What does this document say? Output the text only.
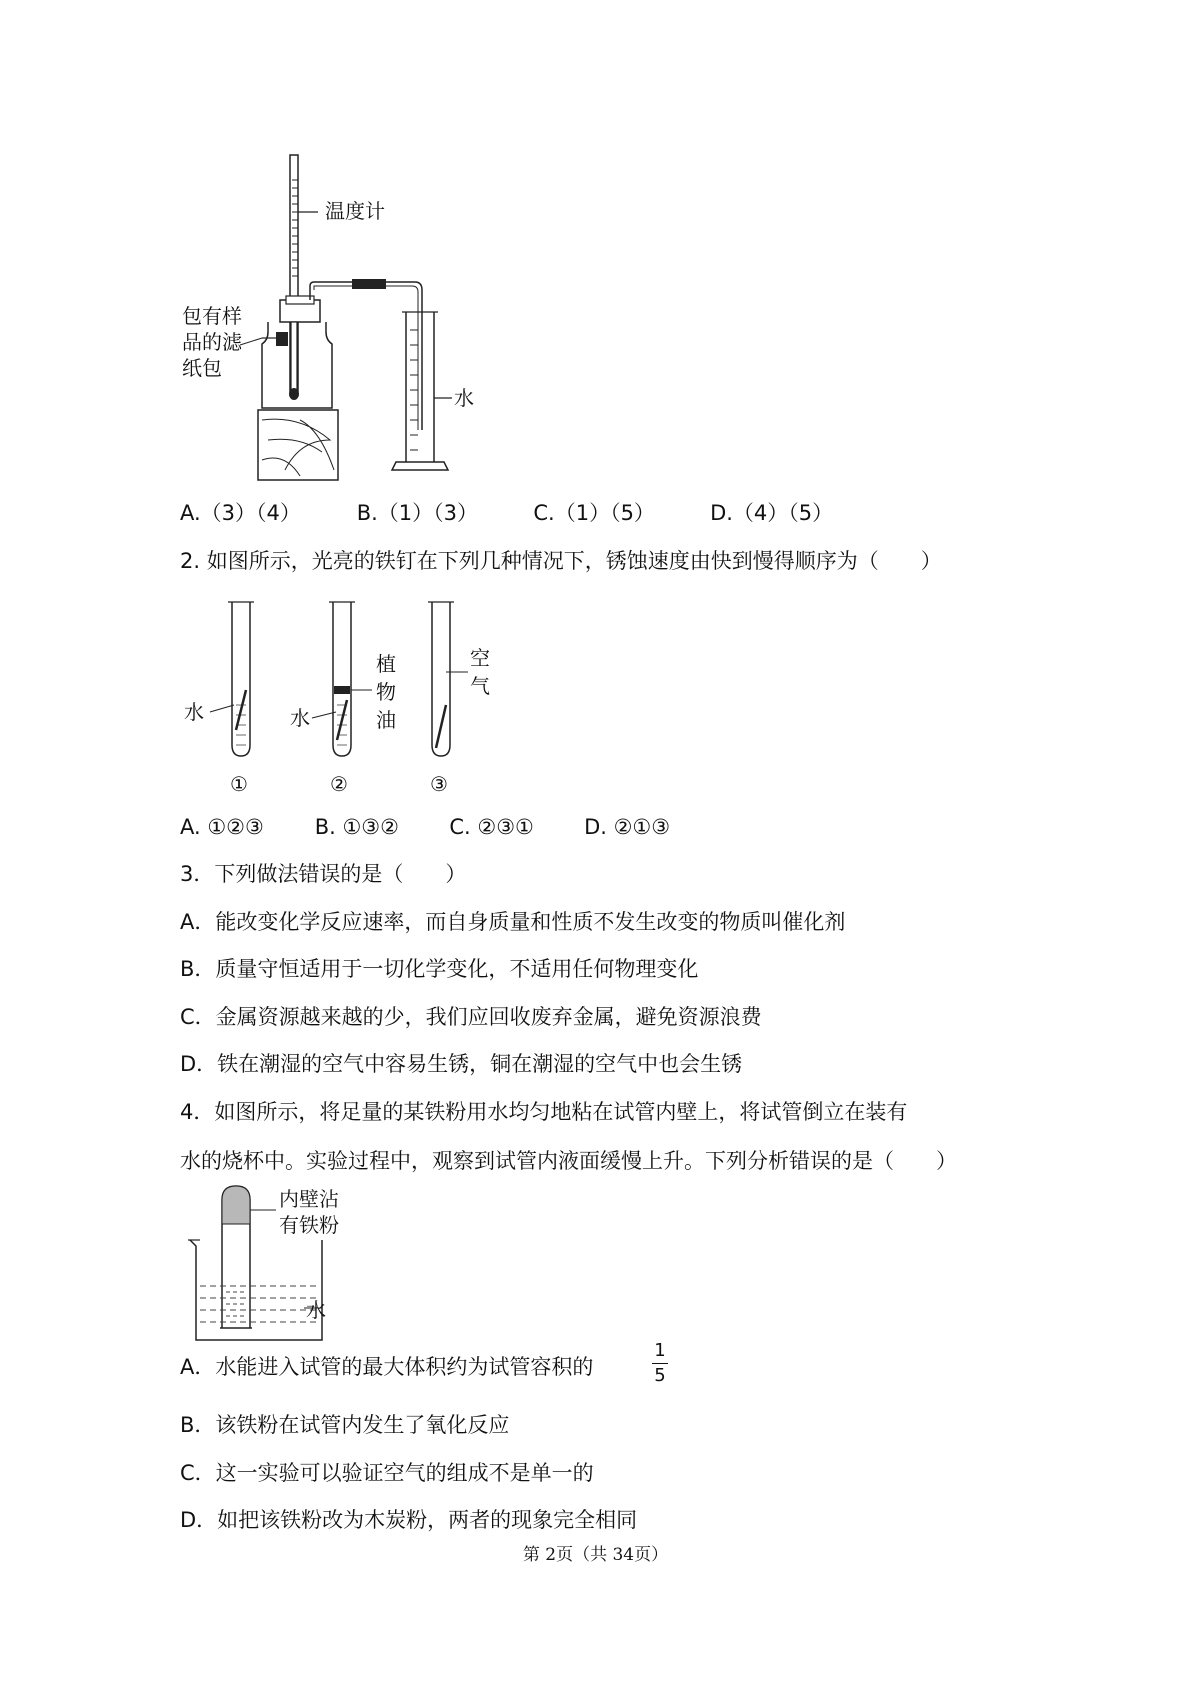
温度计
包有样
品的滤
纸包
水
A.（3）（4）	B.（1）（3）	C.（1）（5）	D.（4）（5）
2. 如图所示，光亮的铁钉在下列几种情况下，锈蚀速度由快到慢得顺序为（　　）
水	水
植
物
油
空
气
①	②	③
A. ①②③ B. ①③② C. ②③① D. ②①③
3．下列做法错误的是（　　）
A．能改变化学反应速率，而自身质量和性质不发生改变的物质叫催化剂
B．质量守恒适用于一切化学变化，不适用任何物理变化
C．金属资源越来越的少，我们应回收废弃金属，避免资源浪费
D．铁在潮湿的空气中容易生锈，铜在潮湿的空气中也会生锈
4．如图所示，将足量的某铁粉用水均匀地粘在试管内壁上，将试管倒立在装有
水的烧杯中。实验过程中，观察到试管内液面缓慢上升。下列分析错误的是（　　）
内壁沾
有铁粉
水
A．水能进入试管的最大体积约为试管容积的
1
5
B．该铁粉在试管内发生了氧化反应
C．这一实验可以验证空气的组成不是单一的
D．如把该铁粉改为木炭粉，两者的现象完全相同
第 2页（共 34页）
